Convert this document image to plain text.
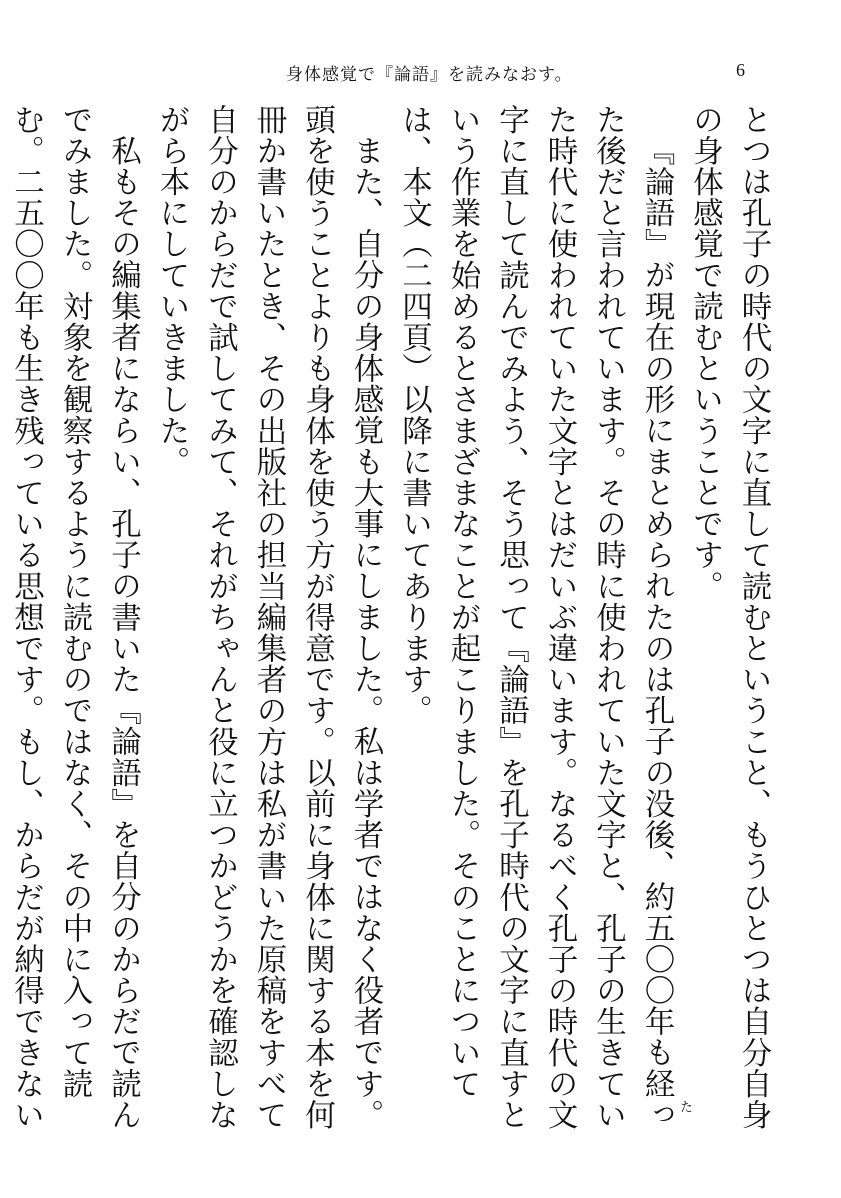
身体感覚で『論語』を読みなおす。	6

とつは孔子の時代の文字に直して読むということ、もうひとつは自分自身の身体感覚で読むということです。

『論語』が現在の形にまとめられたのは孔子の没後、約五〇〇年も経
た
った後だと言われています。その時に使われていた文字と、孔子の生きていた時代に使われていた文字とはだいぶ違います。なるべく孔子の時代の文字に直して読んでみよう、そう思って『論語』を孔子時代の文字に直すという作業を始めるとさまざまなことが起こりました。そのことについては、本文（二四頁）以降に書いてあります。

また、自分の身体感覚も大事にしました。私は学者ではなく役者です。頭を使うことよりも身体を使う方が得意です。以前に身体に関する本を何冊か書いたとき、その出版社の担当編集者の方は私が書いた原稿をすべて自分のからだで試してみて、それがちゃんと役に立つかどうかを確認しながら本にしていきました。

私もその編集者にならい、孔子の書いた『論語』を自分のからだで読んでみました。対象を観察するように読むのではなく、その中に入って読む。二五〇〇年も生き残っている思想です。もし、からだが納得できない
